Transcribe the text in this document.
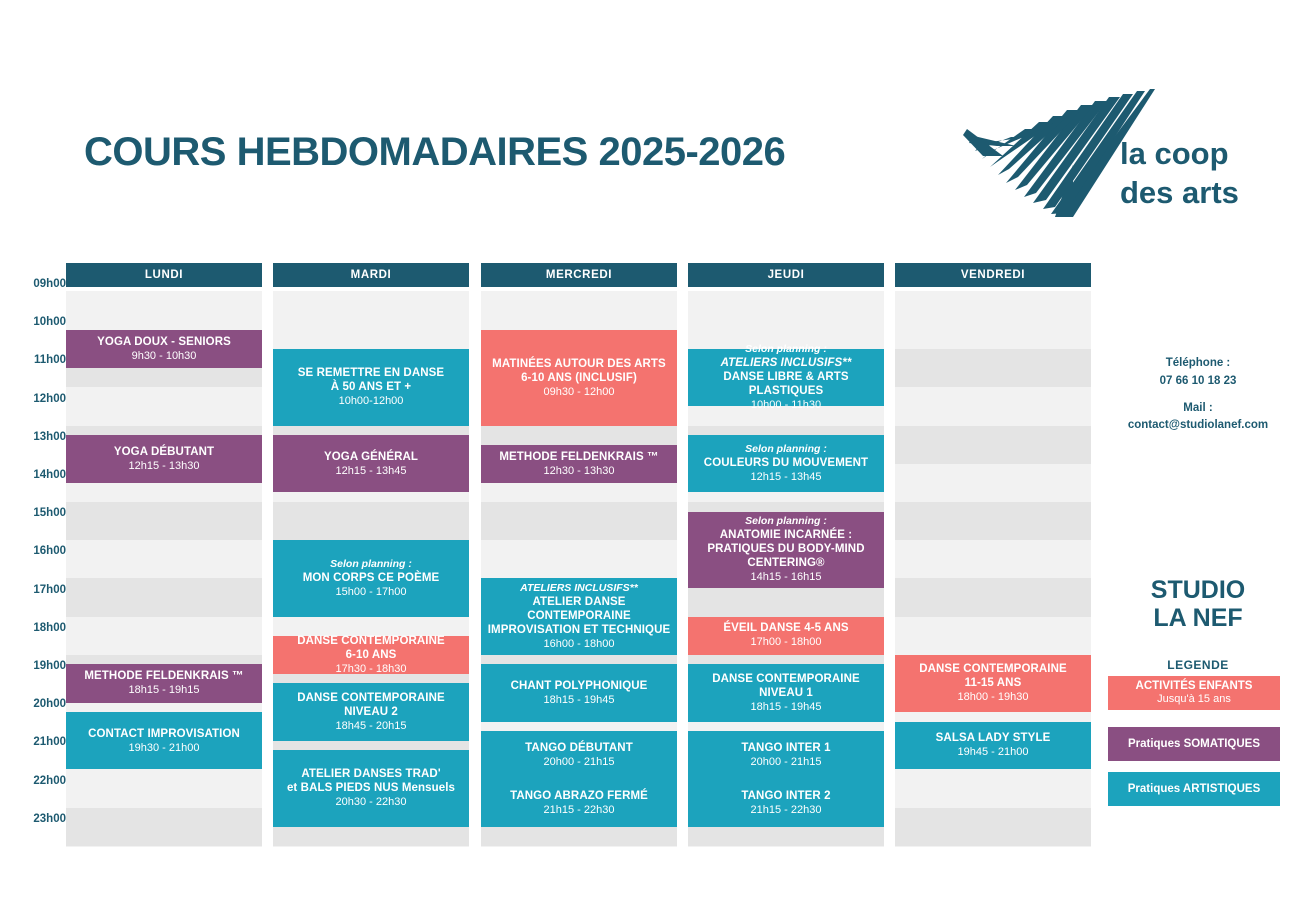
COURS HEBDOMADAIRES 2025-2026	la coop
des arts
09h00
10h00
11h00
12h00
13h00
14h00
15h00
16h00
17h00
18h00
19h00
20h00
21h00
22h00
23h00
LUNDI
YOGA DOUX - SENIORS
9h30 - 10h30
YOGA DÉBUTANT
12h15 - 13h30
METHODE FELDENKRAIS ™
18h15 - 19h15
CONTACT IMPROVISATION
19h30 - 21h00
MARDI
SE REMETTRE EN DANSE
À 50 ANS ET +
10h00-12h00
YOGA GÉNÉRAL
12h15 - 13h45
Selon planning :
MON CORPS CE POÈME
15h00 - 17h00
DANSE CONTEMPORAINE
6-10 ANS
17h30 - 18h30
DANSE CONTEMPORAINE
NIVEAU 2
18h45 - 20h15
ATELIER DANSES TRAD'
et BALS PIEDS NUS Mensuels
20h30 - 22h30
MERCREDI
MATINÉES AUTOUR DES ARTS
6-10 ANS (INCLUSIF)
09h30 - 12h00
METHODE FELDENKRAIS ™
12h30 - 13h30
ATELIERS INCLUSIFS**
ATELIER DANSE
CONTEMPORAINE
IMPROVISATION ET TECHNIQUE
16h00 - 18h00
CHANT POLYPHONIQUE
18h15 - 19h45
TANGO DÉBUTANT
20h00 - 21h15
TANGO ABRAZO FERMÉ
21h15 - 22h30
JEUDI
Selon planning :
ATELIERS INCLUSIFS**
DANSE LIBRE & ARTS PLASTIQUES
10h00 - 11h30
Selon planning :
COULEURS DU MOUVEMENT
12h15 - 13h45
Selon planning :
ANATOMIE INCARNÉE :
PRATIQUES DU BODY-MIND
CENTERING®
14h15 - 16h15
ÉVEIL DANSE 4-5 ANS
17h00 - 18h00
DANSE CONTEMPORAINE
NIVEAU 1
18h15 - 19h45
TANGO INTER 1
20h00 - 21h15
TANGO INTER 2
21h15 - 22h30
VENDREDI
DANSE CONTEMPORAINE
11-15 ANS
18h00 - 19h30
SALSA LADY STYLE
19h45 - 21h00
Téléphone :
07 66 10 18 23
Mail :
contact@studiolanef.com
STUDIO
LA NEF
LEGENDE
ACTIVITÉS ENFANTS
Jusqu'à 15 ans
Pratiques SOMATIQUES
Pratiques ARTISTIQUES
